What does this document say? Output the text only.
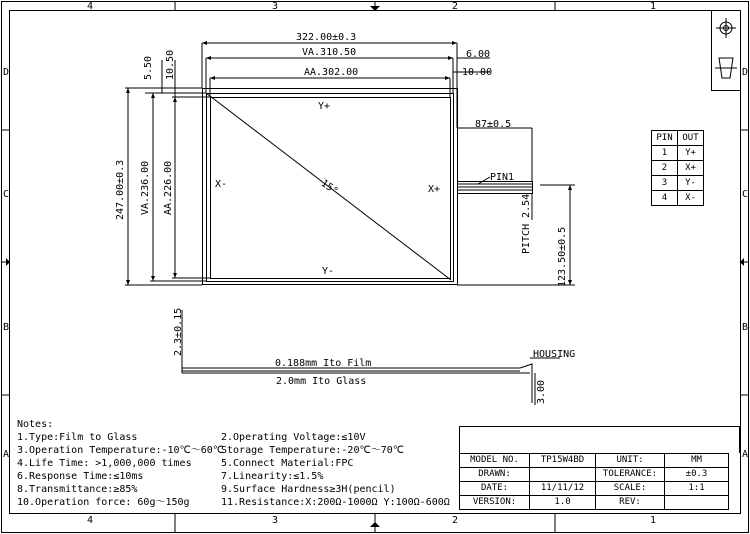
4	3	2	1
4	3	2	1
D
C
B
A
D
C
B
A
322.00±0.3
VA.310.50
AA.302.00
6.00
10.00
5.50 10.50
87±0.5
247.00±0.3 VA.236.00 AA.226.00
Y+
Y-
X-	X+
15°
PIN1
PITCH 2.54
123.50±0.5
2.3±0.15
0.188mm Ito Film
2.0mm Ito Glass
HOUSING
3.00
PIN	OUT
1	Y+
2	X+
3	Y-
4	X-
Notes:
1.Type:Film to Glass
3.Operation Temperature:-10℃～60℃
4.Life Time: >1,000,000 times
6.Response Time:≤10ms
8.Transmittance:≥85%
10.Operation force: 60g～150g
2.Operating Voltage:≤10V
Storage Temperature:-20℃～70℃
5.Connect Material:FPC
7.Linearity:≤1.5%
9.Surface Hardness≥3H(pencil)
11.Resistance:X:200Ω-1000Ω Y:100Ω-600Ω
MODEL NO.	TP15W4BD	UNIT:	MM
DRAWN:		TOLERANCE:	±0.3
DATE:	11/11/12	SCALE:	1:1
VERSION:	1.0	REV:	
